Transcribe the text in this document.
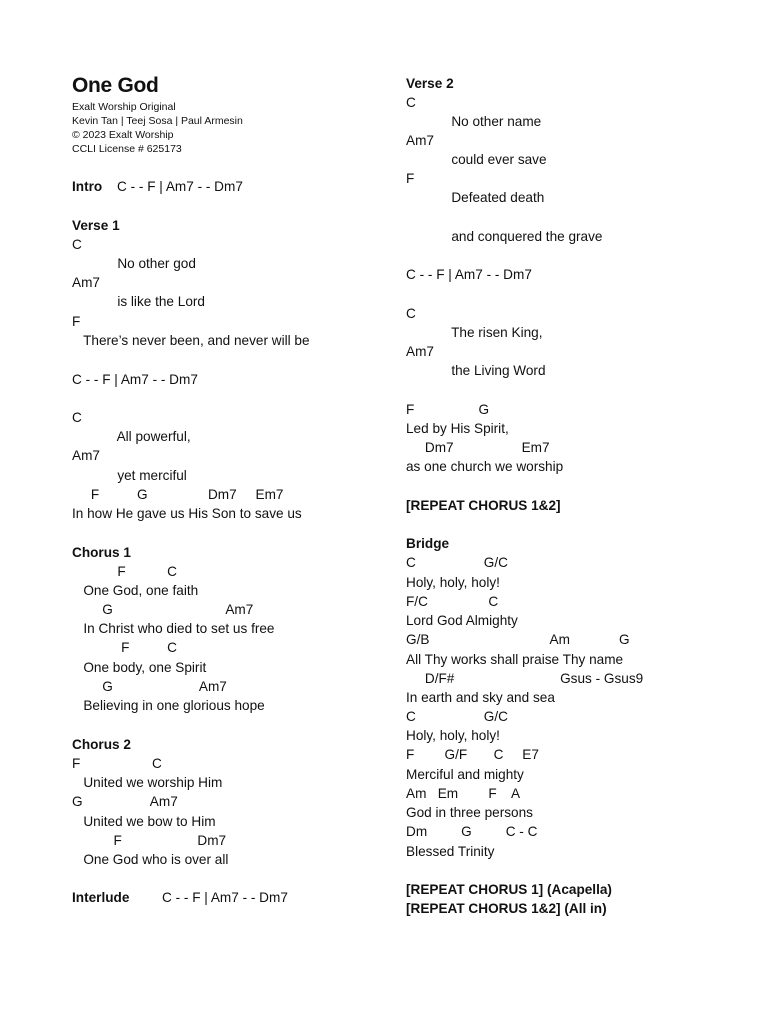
One God
Exalt Worship Original
Kevin Tan | Teej Sosa | Paul Armesin
© 2023 Exalt Worship
CCLI License # 625173
Intro C - - F | Am7 - - Dm7
Verse 1
C
No other god
Am7
is like the Lord
F
There’s never been, and never will be
C - - F | Am7 - - Dm7
C
All powerful,
Am7
yet merciful
F          G                Dm7     Em7
In how He gave us His Son to save us
Chorus 1
F           C
One God, one faith
G                              Am7
In Christ who died to set us free
F          C
One body, one Spirit
G                       Am7
Believing in one glorious hope
Chorus 2
F                   C
United we worship Him
G                  Am7
United we bow to Him
F                    Dm7
One God who is over all
Interlude C - - F | Am7 - - Dm7
Verse 2
C
No other name
Am7
could ever save
F
Defeated death
and conquered the grave
C - - F | Am7 - - Dm7
C
The risen King,
Am7
the Living Word
F                 G
Led by His Spirit,
Dm7                  Em7
as one church we worship
[REPEAT CHORUS 1&2]
Bridge
C                  G/C
Holy, holy, holy!
F/C                C
Lord God Almighty
G/B                                Am             G
All Thy works shall praise Thy name
D/F#                            Gsus - Gsus9
In earth and sky and sea
C                  G/C
Holy, holy, holy!
F        G/F       C     E7
Merciful and mighty
Am   Em        F    A
God in three persons
Dm         G         C - C
Blessed Trinity
[REPEAT CHORUS 1] (Acapella)
[REPEAT CHORUS 1&2] (All in)
